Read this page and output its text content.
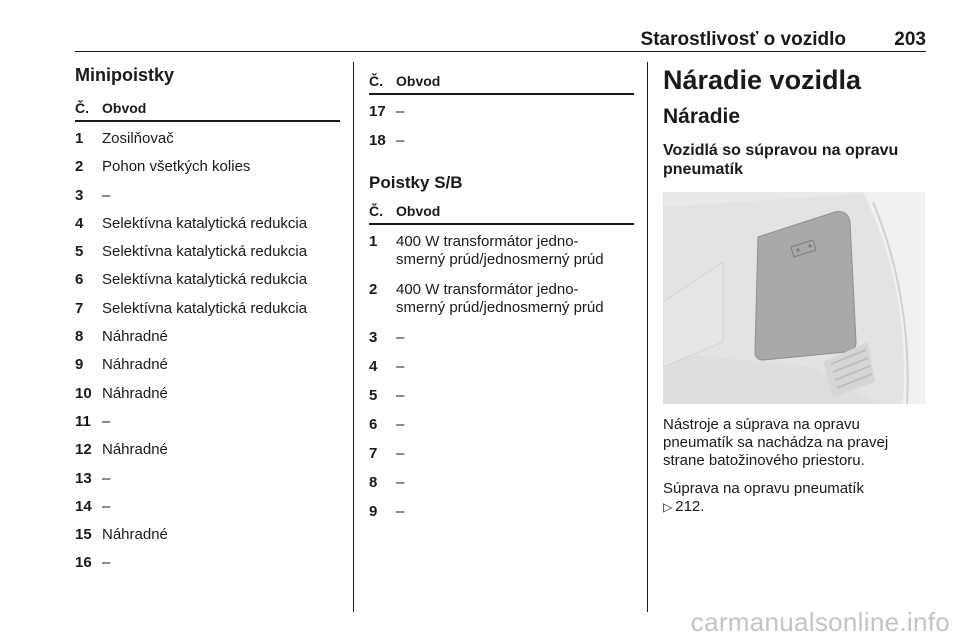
Starostlivosť o vozidlo	203
Minipoistky
Č. Obvod
1	Zosilňovač
2	Pohon všetkých kolies
3	–
4	Selektívna katalytická redukcia
5	Selektívna katalytická redukcia
6	Selektívna katalytická redukcia
7	Selektívna katalytická redukcia
8	Náhradné
9	Náhradné
10 Náhradné
11 –
12 Náhradné
13 –
14 –
15 Náhradné
16 –
Č. Obvod
17 –
18 –
Poistky S/B
Č. Obvod
1	400 W transformátor jedno-
smerný prúd/jednosmerný prúd
2	400 W transformátor jedno-
smerný prúd/jednosmerný prúd
3	–
4	–
5	–
6	–
7	–
8	–
9	–
Náradie vozidla
Náradie
Vozidlá so súpravou na opravu pneumatík
Nástroje a súprava na opravu pneumatík sa nachádza na pravej strane batožinového priestoru.
Súprava na opravu pneumatík
▷ 212.
carmanualsonline.info
